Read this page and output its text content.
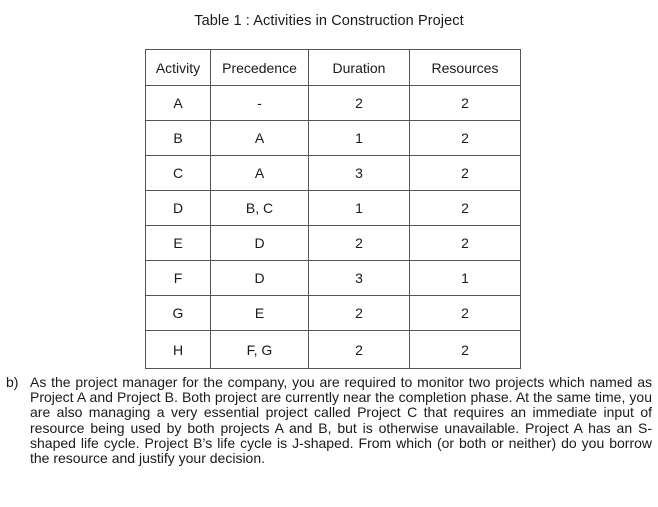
Table 1 : Activities in Construction Project
Activity	Precedence	Duration	Resources
A	-	2	2
B	A	1	2
C	A	3	2
D	B, C	1	2
E	D	2	2
F	D	3	1
G	E	2	2
H	F, G	2	2
b) As the project manager for the company, you are required to monitor two projects which named as Project A and Project B. Both project are currently near the completion phase. At the same time, you are also managing a very essential project called Project C that requires an immediate input of resource being used by both projects A and B, but is otherwise unavailable. Project A has an S-shaped life cycle. Project B’s life cycle is J-shaped. From which (or both or neither) do you borrow the resource and justify your decision.
